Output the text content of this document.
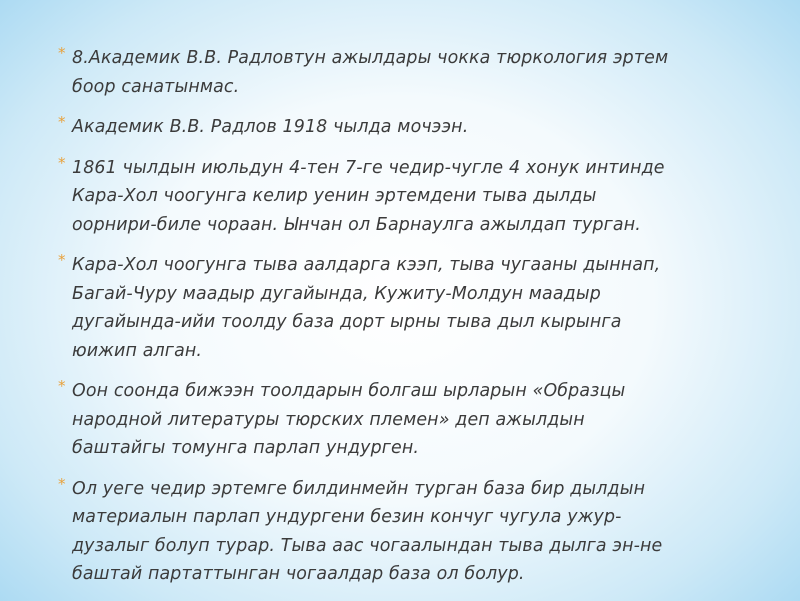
* 8.Академик В.В. Радловтун ажылдары чокка тюркология эртем
боор санатынмас.
* Академик В.В. Радлов 1918 чылда мочээн.
* 1861 чылдын июльдун 4-тен 7-ге чедир-чугле 4 хонук интинде
Кара-Хол чоогунга келир уенин эртемдени тыва дылды
оорнири-биле чораан. Ынчан ол Барнаулга ажылдап турган.
* Кара-Хол чоогунга тыва аалдарга кээп, тыва чугааны дыннап,
Багай-Чуру маадыр дугайында, Кужиту-Молдун маадыр
дугайында-ийи тоолду база дорт ырны тыва дыл кырынга
юижип алган.
* Оон соонда бижээн тоолдарын болгаш ырларын «Образцы
народной литературы тюрских племен» деп ажылдын
баштайгы томунга парлап ундурген.
* Ол уеге чедир эртемге билдинмейн турган база бир дылдын
материалын парлап ундургени безин кончуг чугула ужур-
дузалыг болуп турар. Тыва аас чогаалындан тыва дылга эн-не
баштай партаттынган чогаалдар база ол болур.
